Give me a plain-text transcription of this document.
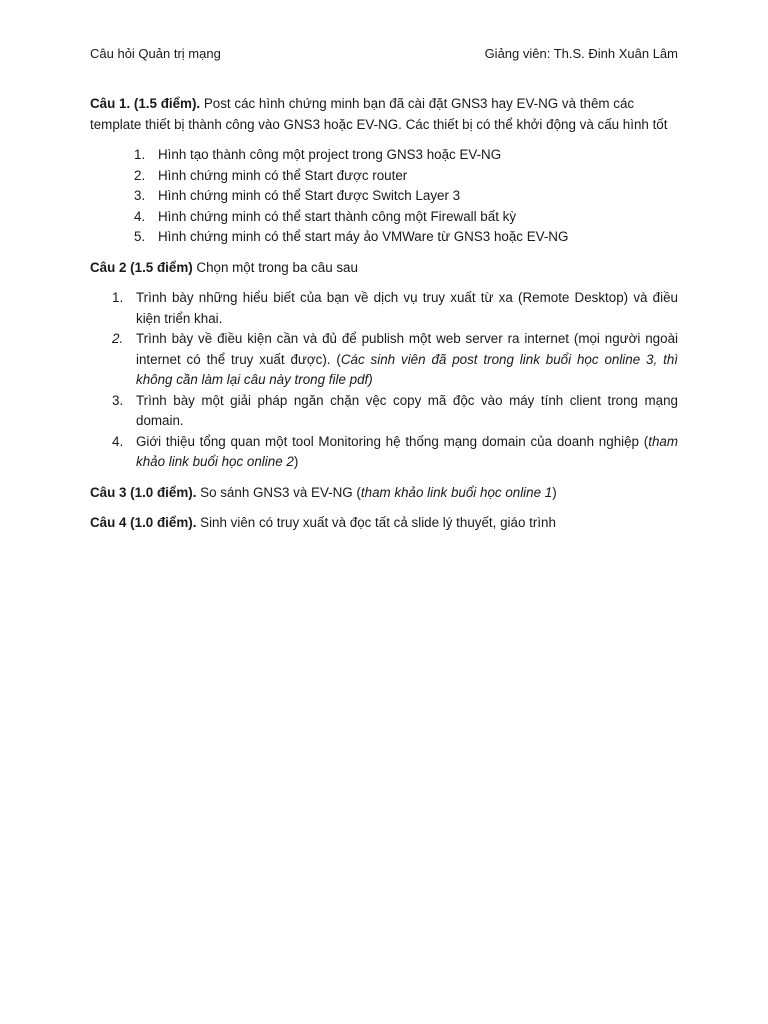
Câu hỏi Quản trị mạng	Giảng viên: Th.S. Đinh Xuân Lâm

Câu 1. (1.5 điểm). Post các hình chứng minh bạn đã cài đặt GNS3 hay EV-NG và thêm các template thiết bị thành công vào GNS3 hoặc EV-NG. Các thiết bị có thể khởi động và cấu hình tốt

1. Hình tạo thành công một project trong GNS3 hoặc EV-NG
2. Hình chứng minh có thể Start được router
3. Hình chứng minh có thể Start được Switch Layer 3
4. Hình chứng minh có thể start thành công một Firewall bất kỳ
5. Hình chứng minh có thể start máy ảo VMWare từ GNS3 hoặc EV-NG

Câu 2 (1.5 điểm) Chọn một trong ba câu sau

1. Trình bày những hiểu biết của bạn về dịch vụ truy xuất từ xa (Remote Desktop) và điều kiện triển khai.
2. Trình bày về điều kiện cần và đủ để publish một web server ra internet (mọi người ngoài internet có thể truy xuất được). (Các sinh viên đã post trong link buổi học online 3, thì không cần làm lại câu này trong file pdf)
3. Trình bày một giải pháp ngăn chặn vệc copy mã độc vào máy tính client trong mạng domain.
4. Giới thiệu tổng quan một tool Monitoring hệ thống mạng domain của doanh nghiệp (tham khảo link buổi học online 2)

Câu 3 (1.0 điểm). So sánh GNS3 và EV-NG (tham khảo link buổi học online 1)

Câu 4 (1.0 điểm). Sinh viên có truy xuất và đọc tất cả slide lý thuyết, giáo trình
